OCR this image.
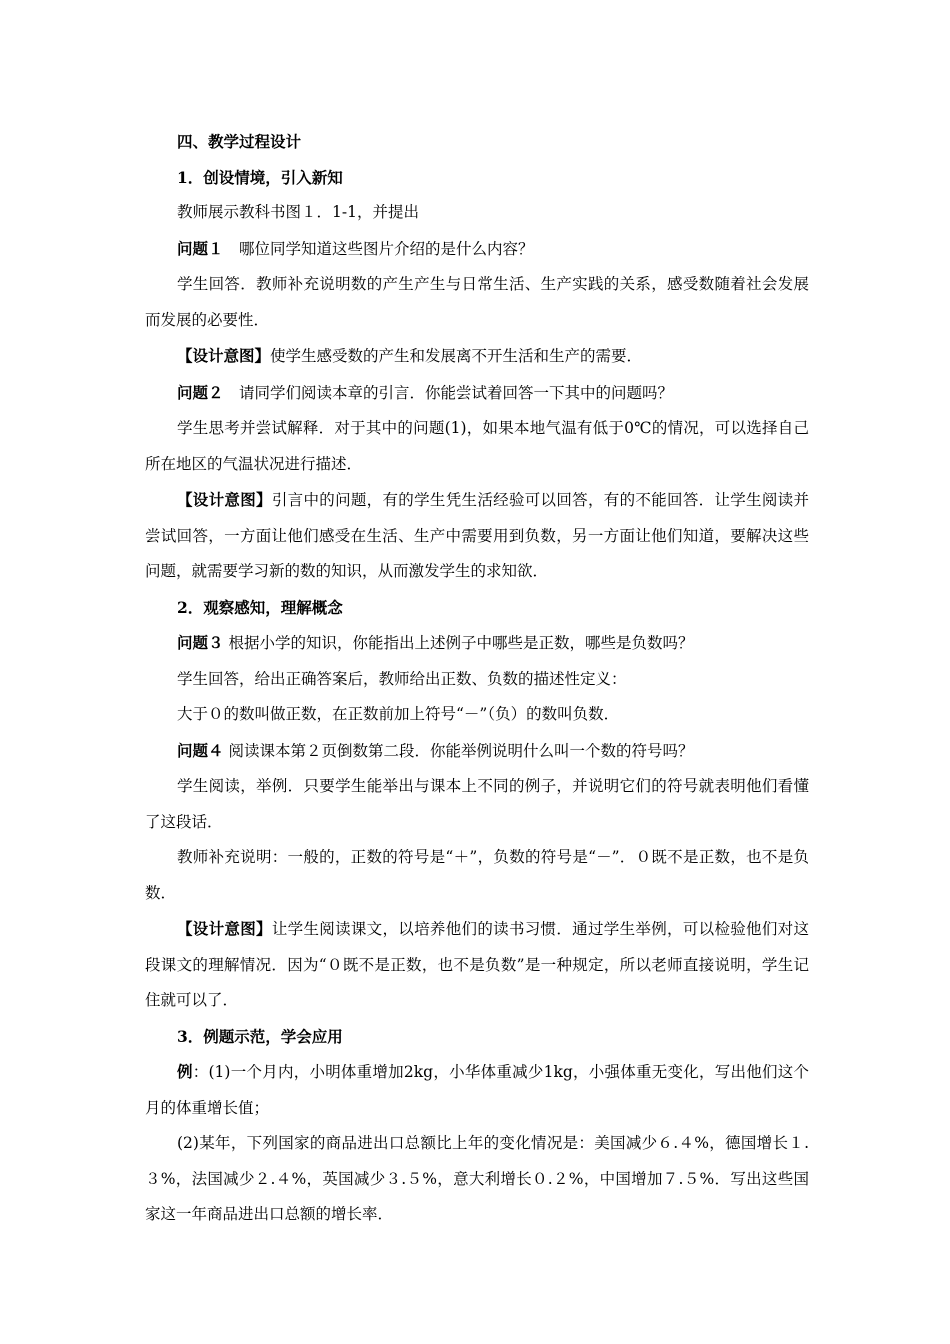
四、教学过程设计

1．创设情境，引入新知

教师展示教科书图１．1-1，并提出

问题１　哪位同学知道这些图片介绍的是什么内容？

学生回答．教师补充说明数的产生产生与日常生活、生产实践的关系，感受数随着社会发展而发展的必要性．

【设计意图】使学生感受数的产生和发展离不开生活和生产的需要．

问题２　请同学们阅读本章的引言．你能尝试着回答一下其中的问题吗？

学生思考并尝试解释．对于其中的问题(1)，如果本地气温有低于0℃的情况，可以选择自己所在地区的气温状况进行描述．

【设计意图】引言中的问题，有的学生凭生活经验可以回答，有的不能回答．让学生阅读并尝试回答，一方面让他们感受在生活、生产中需要用到负数，另一方面让他们知道，要解决这些问题，就需要学习新的数的知识，从而激发学生的求知欲．

2．观察感知，理解概念

问题３ 根据小学的知识，你能指出上述例子中哪些是正数，哪些是负数吗？

学生回答，给出正确答案后，教师给出正数、负数的描述性定义：

大于０的数叫做正数，在正数前加上符号“－”（负）的数叫负数．

问题４ 阅读课本第２页倒数第二段．你能举例说明什么叫一个数的符号吗？

学生阅读，举例．只要学生能举出与课本上不同的例子，并说明它们的符号就表明他们看懂了这段话．

教师补充说明：一般的，正数的符号是“＋”，负数的符号是“－”．０既不是正数，也不是负数．

【设计意图】让学生阅读课文，以培养他们的读书习惯．通过学生举例，可以检验他们对这段课文的理解情况．因为“０既不是正数，也不是负数”是一种规定，所以老师直接说明，学生记住就可以了．

3．例题示范，学会应用

例：(1)一个月内，小明体重增加2kg，小华体重减少1kg，小强体重无变化，写出他们这个月的体重增长值；

(2)某年，下列国家的商品进出口总额比上年的变化情况是：美国减少６.４%，德国增长１.３%，法国减少２.４%，英国减少３.５%，意大利增长０.２%，中国增加７.５%．写出这些国家这一年商品进出口总额的增长率．
